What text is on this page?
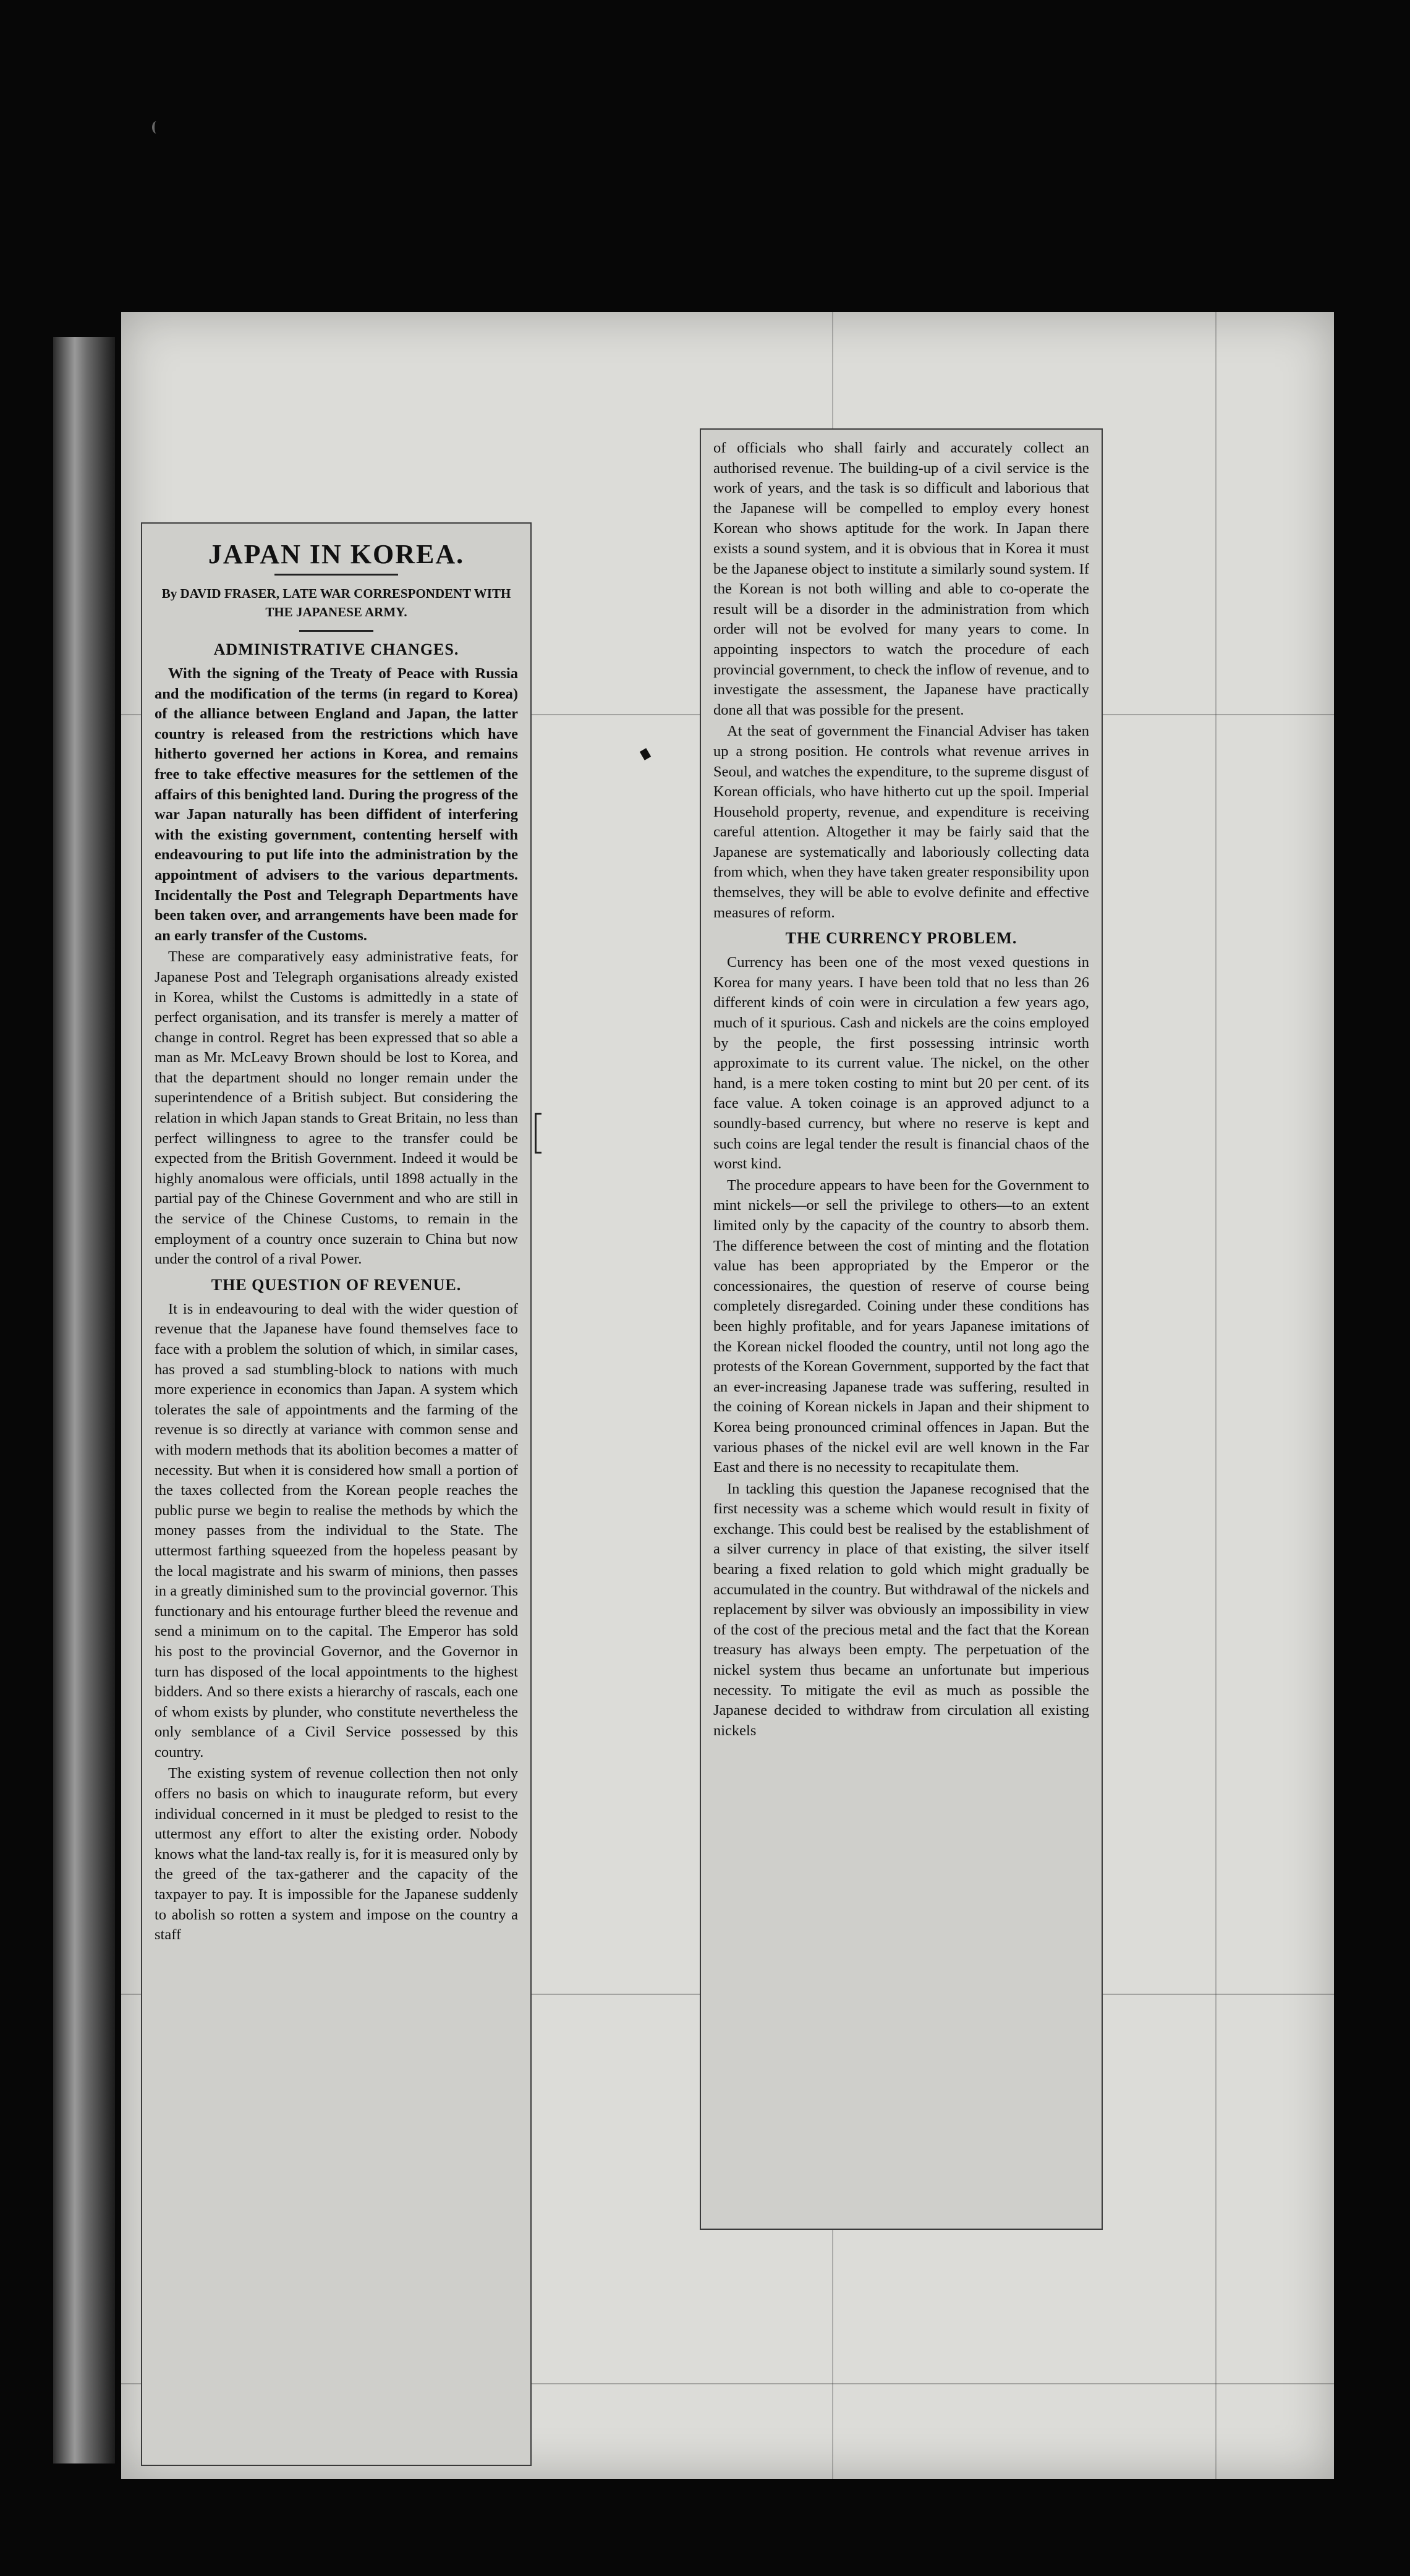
JAPAN IN KOREA.
By DAVID FRASER, LATE WAR CORRESPONDENT WITH THE JAPANESE ARMY.
ADMINISTRATIVE CHANGES.

With the signing of the Treaty of Peace with Russia and the modification of the terms (in regard to Korea) of the alliance between England and Japan, the latter country is released from the restrictions which have hitherto governed her actions in Korea, and remains free to take effective measures for the settlemen of the affairs of this benighted land. During the progress of the war Japan naturally has been diffident of interfering with the existing government, contenting herself with endeavouring to put life into the administration by the appointment of advisers to the various departments. Incidentally the Post and Telegraph Departments have been taken over, and arrangements have been made for an early transfer of the Customs.

These are comparatively easy administrative feats, for Japanese Post and Telegraph organisations already existed in Korea, whilst the Customs is admittedly in a state of perfect organisation, and its transfer is merely a matter of change in control. Regret has been expressed that so able a man as Mr. McLeavy Brown should be lost to Korea, and that the department should no longer remain under the superintendence of a British subject. But considering the relation in which Japan stands to Great Britain, no less than perfect willingness to agree to the transfer could be expected from the British Government. Indeed it would be highly anomalous were officials, until 1898 actually in the partial pay of the Chinese Government and who are still in the service of the Chinese Customs, to remain in the employment of a country once suzerain to China but now under the control of a rival Power.

THE QUESTION OF REVENUE.

It is in endeavouring to deal with the wider question of revenue that the Japanese have found themselves face to face with a problem the solution of which, in similar cases, has proved a sad stumbling-block to nations with much more experience in economics than Japan. A system which tolerates the sale of appointments and the farming of the revenue is so directly at variance with common sense and with modern methods that its abolition becomes a matter of necessity. But when it is considered how small a portion of the taxes collected from the Korean people reaches the public purse we begin to realise the methods by which the money passes from the individual to the State. The uttermost farthing squeezed from the hopeless peasant by the local magistrate and his swarm of minions, then passes in a greatly diminished sum to the provincial governor. This functionary and his entourage further bleed the revenue and send a minimum on to the capital. The Emperor has sold his post to the provincial Governor, and the Governor in turn has disposed of the local appointments to the highest bidders. And so there exists a hierarchy of rascals, each one of whom exists by plunder, who constitute nevertheless the only semblance of a Civil Service possessed by this country.

The existing system of revenue collection then not only offers no basis on which to inaugurate reform, but every individual concerned in it must be pledged to resist to the uttermost any effort to alter the existing order. Nobody knows what the land-tax really is, for it is measured only by the greed of the tax-gatherer and the capacity of the taxpayer to pay. It is impossible for the Japanese suddenly to abolish so rotten a system and impose on the country a staff

of officials who shall fairly and accurately collect an authorised revenue. The building-up of a civil service is the work of years, and the task is so difficult and laborious that the Japanese will be compelled to employ every honest Korean who shows aptitude for the work. In Japan there exists a sound system, and it is obvious that in Korea it must be the Japanese object to institute a similarly sound system. If the Korean is not both willing and able to co-operate the result will be a disorder in the administration from which order will not be evolved for many years to come. In appointing inspectors to watch the procedure of each provincial government, to check the inflow of revenue, and to investigate the assessment, the Japanese have practically done all that was possible for the present.

At the seat of government the Financial Adviser has taken up a strong position. He controls what revenue arrives in Seoul, and watches the expenditure, to the supreme disgust of Korean officials, who have hitherto cut up the spoil. Imperial Household property, revenue, and expenditure is receiving careful attention. Altogether it may be fairly said that the Japanese are systematically and laboriously collecting data from which, when they have taken greater responsibility upon themselves, they will be able to evolve definite and effective measures of reform.

THE CURRENCY PROBLEM.

Currency has been one of the most vexed questions in Korea for many years. I have been told that no less than 26 different kinds of coin were in circulation a few years ago, much of it spurious. Cash and nickels are the coins employed by the people, the first possessing intrinsic worth approximate to its current value. The nickel, on the other hand, is a mere token costing to mint but 20 per cent. of its face value. A token coinage is an approved adjunct to a soundly-based currency, but where no reserve is kept and such coins are legal tender the result is financial chaos of the worst kind.

The procedure appears to have been for the Government to mint nickels—or sell the privilege to others—to an extent limited only by the capacity of the country to absorb them. The difference between the cost of minting and the flotation value has been appropriated by the Emperor or the concessionaires, the question of reserve of course being completely disregarded. Coining under these conditions has been highly profitable, and for years Japanese imitations of the Korean nickel flooded the country, until not long ago the protests of the Korean Government, supported by the fact that an ever-increasing Japanese trade was suffering, resulted in the coining of Korean nickels in Japan and their shipment to Korea being pronounced criminal offences in Japan. But the various phases of the nickel evil are well known in the Far East and there is no necessity to recapitulate them.

In tackling this question the Japanese recognised that the first necessity was a scheme which would result in fixity of exchange. This could best be realised by the establishment of a silver currency in place of that existing, the silver itself bearing a fixed relation to gold which might gradually be accumulated in the country. But withdrawal of the nickels and replacement by silver was obviously an impossibility in view of the cost of the precious metal and the fact that the Korean treasury has always been empty. The perpetuation of the nickel system thus became an unfortunate but imperious necessity. To mitigate the evil as much as possible the Japanese decided to withdraw from circulation all existing nickels
